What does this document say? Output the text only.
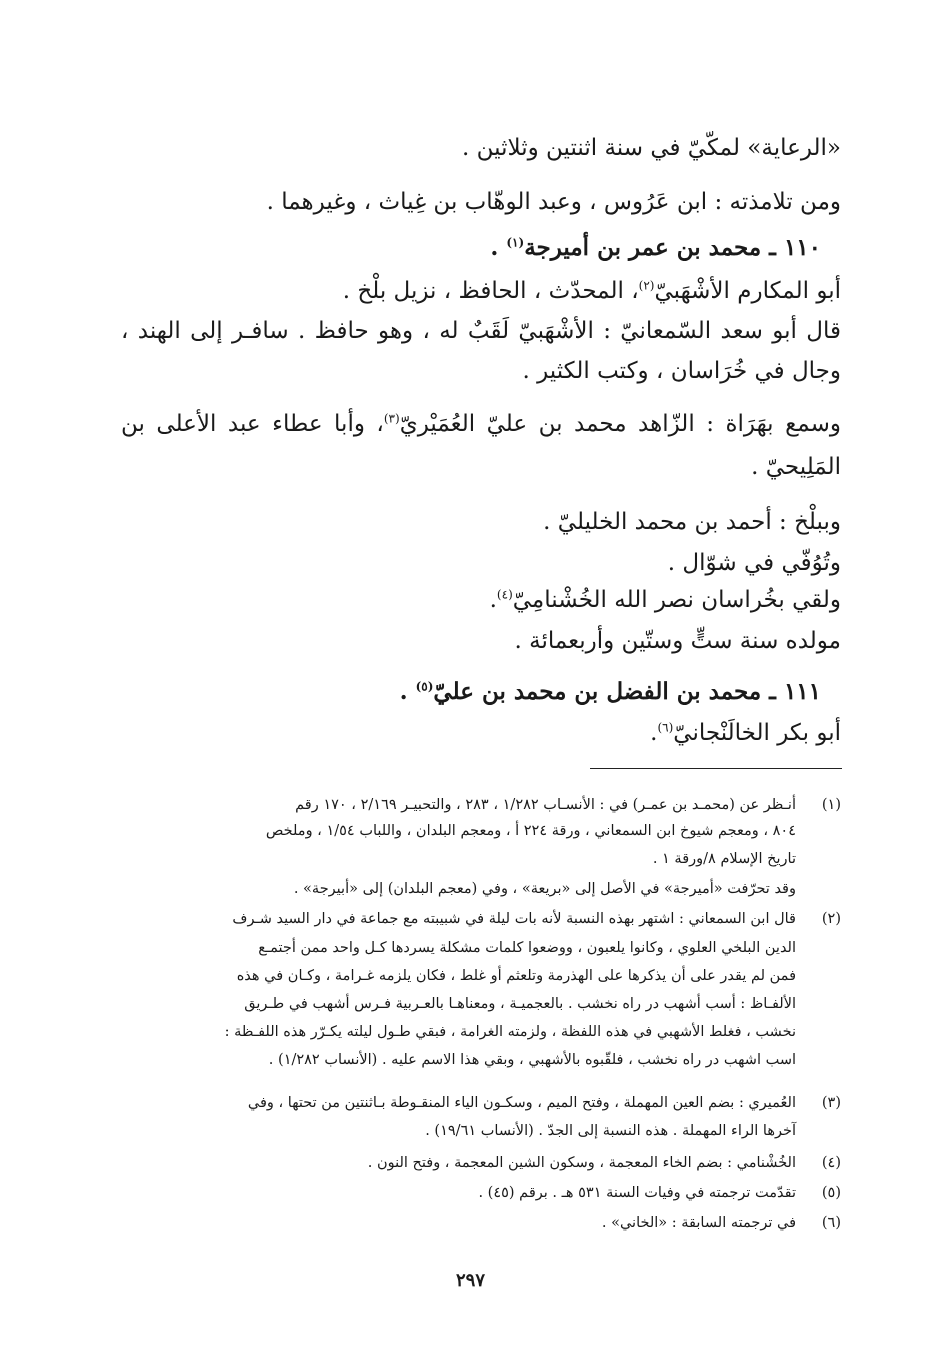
«الرعاية» لمكّيّ في سنة اثنتين وثلاثين .
ومن تلامذته : ابن عَرُوس ، وعبد الوهّاب بن غِياث ، وغيرهما .
١١٠ ـ محمد بن عمر بن أميرجة$^{(١)}$ .
أبو المكارم الأشْهَبيّ$^{(٢)}$، المحدّث ، الحافظ ، نزيل بلْخ .
قال أبو سعد السّمعانيّ : الأشْهَبيّ لَقَبٌ له ، وهو حافظ . سافـر إلى الهند ،
وجال في خُرَاسان ، وكتب الكثير .
وسمع بهَرَاة : الزّاهد محمد بن عليّ العُمَيْريّ$^{(٣)}$، وأبا عطاء عبد الأعلى بن
المَلِيحيّ .
وببلْخ : أحمد بن محمد الخليليّ .
وتُوُفّي في شوّال .
ولقي بخُراسان نصر الله الخُشْنامِيّ$^{(٤)}$.
مولده سنة ستٍّ وستّين وأربعمائة .
١١١ ـ محمد بن الفضل بن محمد بن عليّ$^{(٥)}$ .
أبو بكر الخالَنْجانيّ$^{(٦)}$.
(١)
أنـظر عن (محمـد بن عمـر) في : الأنسـاب ١/٢٨٢ ، ٢٨٣ ، والتحبيـر ٢/١٦٩ ، ١٧٠ رقم
٨٠٤ ، ومعجم شيوخ ابن السمعاني ، ورقة ٢٢٤ أ ، ومعجم البلدان ، واللباب ١/٥٤ ، وملخص
تاريخ الإسلام ٨/ورقة ١ .
وقد تحرّفت «أميرجة» في الأصل إلى «بريعة» ، وفي (معجم البلدان) إلى «أبيرجة» .
(٢)
قال ابن السمعاني : اشتهر بهذه النسبة لأنه بات ليلة في شبيبته مع جماعة في دار السيد شـرف
الدين البلخي العلوي ، وكانوا يلعبون ، ووضعوا كلمات مشكلة يسردها كـل واحد ممن أجتمـع
فمن لم يقدر على أن يذكرها على الهذرمة وتلعثم أو غلط ، فكان يلزمه غـرامة ، وكـان في هذه
الألفـاظ : أسب أشهب در راه نخشب . بالعجميـة ، ومعناهـا بالعـربية فـرس أشهب في طـريق
نخشب ، فغلط الأشهبي في هذه اللفظة ، ولزمته الغرامة ، فبقي طـول ليلته يكـرّر هذه اللفـظة :
اسب اشهب در راه نخشب ، فلقّبوه بالأشهبي ، وبقي هذا الاسم عليه . (الأنساب ١/٢٨٢) .
(٣)
العُميري : بضم العين المهملة ، وفتح الميم ، وسكـون الياء المنقـوطة بـاثنتين من تحتها ، وفي
آخرها الراء المهملة . هذه النسبة إلى الجدّ . (الأنساب ١٩/٦١) .
(٤)
الخُشْنامي : بضم الخاء المعجمة ، وسكون الشين المعجمة ، وفتح النون .
(٥)
تقدّمت ترجمته في وفيات السنة ٥٣١ هـ . برقم (٤٥) .
(٦)
في ترجمته السابقة : «الخاني» .
٢٩٧
